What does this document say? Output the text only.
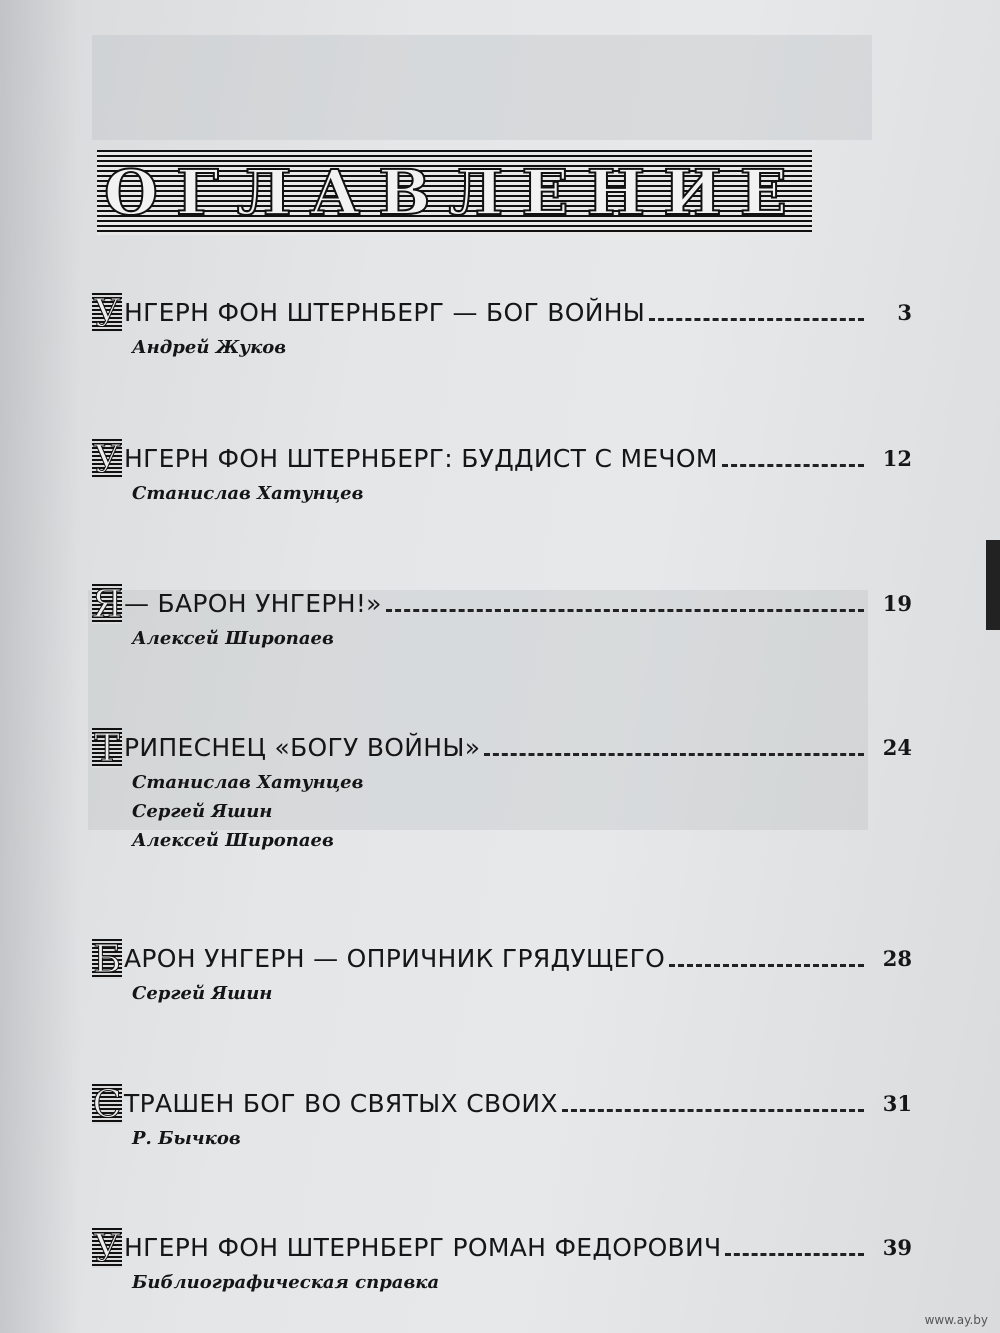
ОГЛАВЛЕНИЕ
У НГЕРН ФОН ШТЕРНБЕРГ — БОГ ВОЙНЫ	3
Андрей Жуков
У НГЕРН ФОН ШТЕРНБЕРГ: БУДДИСТ С МЕЧОМ	12
Станислав Хатунцев
Я — БАРОН УНГЕРН!»	19
Алексей Широпаев
Т РИПЕСНЕЦ «БОГУ ВОЙНЫ»	24
Станислав Хатунцев
Сергей Яшин
Алексей Широпаев
Б АРОН УНГЕРН — ОПРИЧНИК ГРЯДУЩЕГО	28
Сергей Яшин
С ТРАШЕН БОГ ВО СВЯТЫХ СВОИХ	31
Р. Бычков
У НГЕРН ФОН ШТЕРНБЕРГ РОМАН ФЕДОРОВИЧ	39
Библиографическая справка
www.ay.by
